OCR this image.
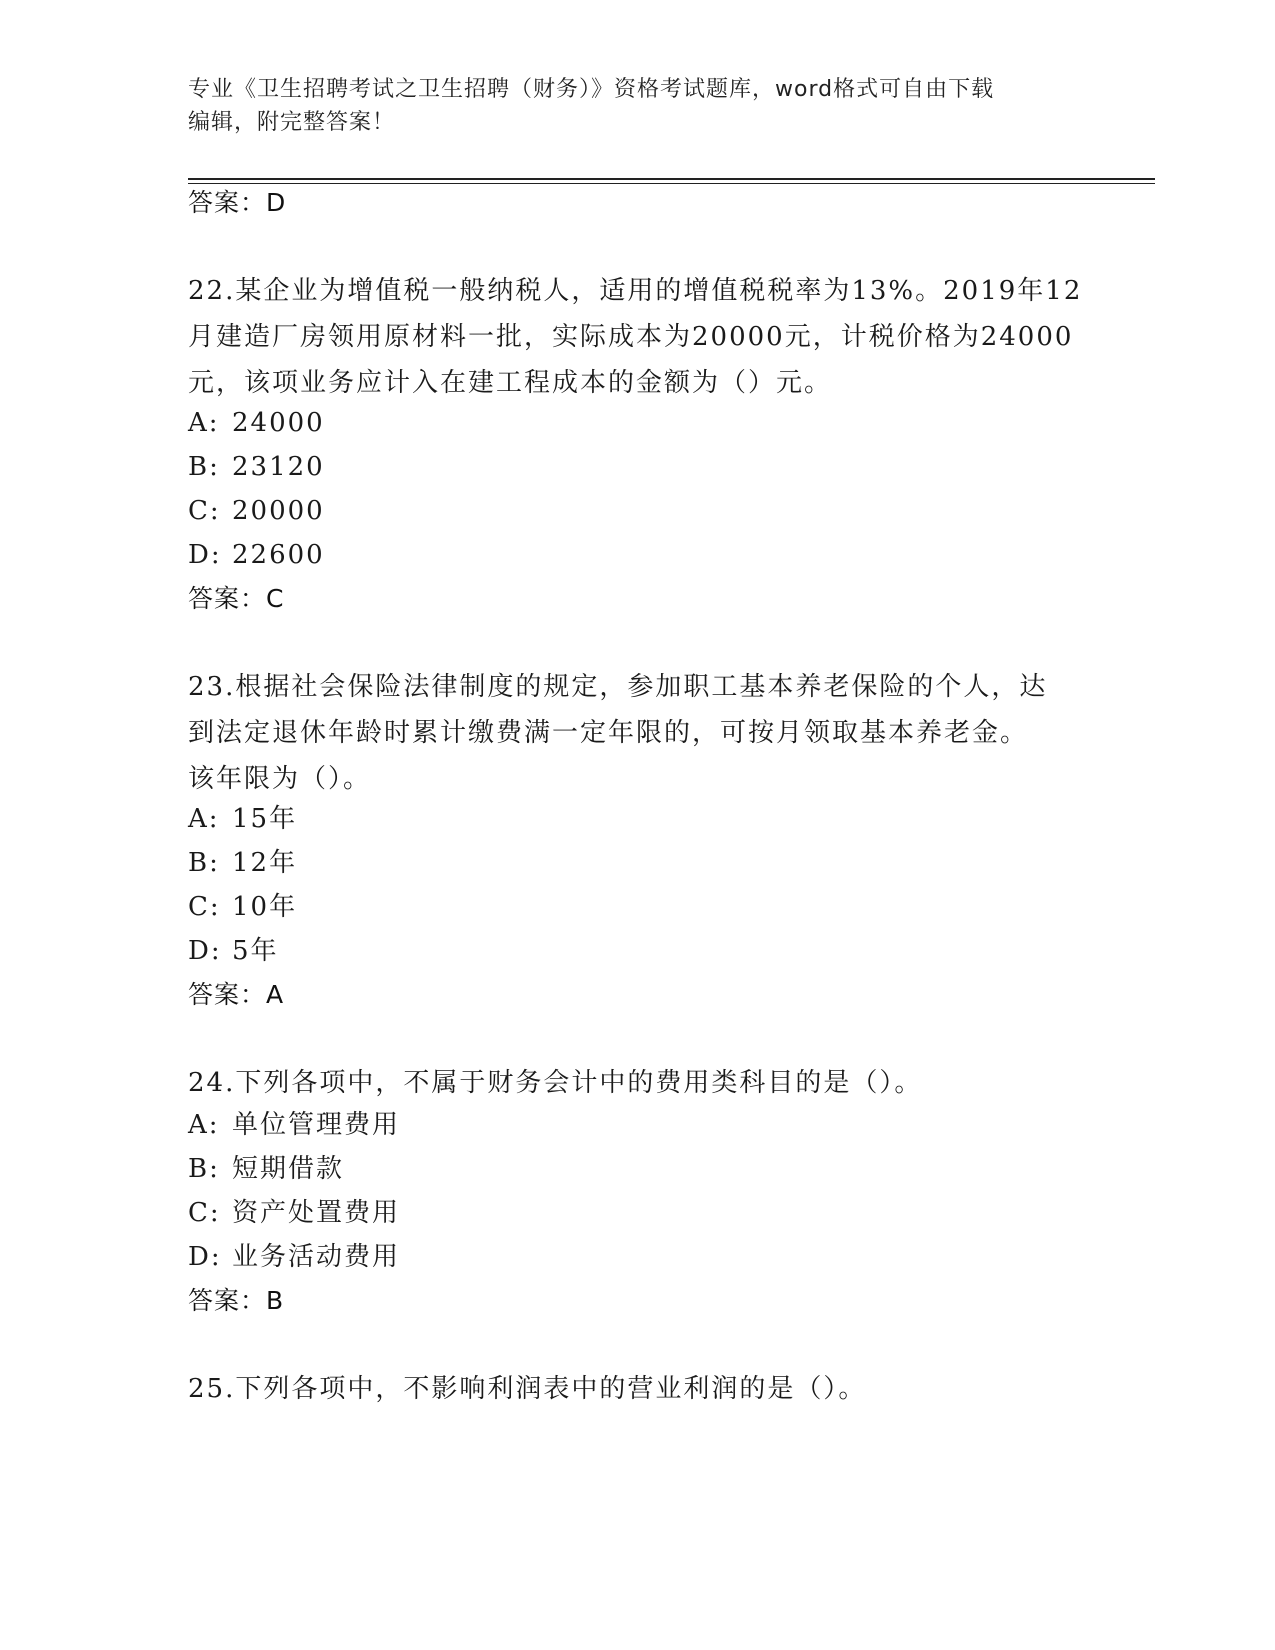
专业《卫生招聘考试之卫生招聘（财务）》资格考试题库，word格式可自由下载
编辑，附完整答案！
答案：D
22.某企业为增值税一般纳税人，适用的增值税税率为13%。2019年12
月建造厂房领用原材料一批，实际成本为20000元，计税价格为24000
元，该项业务应计入在建工程成本的金额为（）元。
A: 24000
B: 23120
C: 20000
D: 22600
答案：C
23.根据社会保险法律制度的规定，参加职工基本养老保险的个人，达
到法定退休年龄时累计缴费满一定年限的，可按月领取基本养老金。
该年限为（）。
A: 15年
B: 12年
C: 10年
D: 5年
答案：A
24.下列各项中，不属于财务会计中的费用类科目的是（）。
A: 单位管理费用
B: 短期借款
C: 资产处置费用
D: 业务活动费用
答案：B
25.下列各项中，不影响利润表中的营业利润的是（）。
